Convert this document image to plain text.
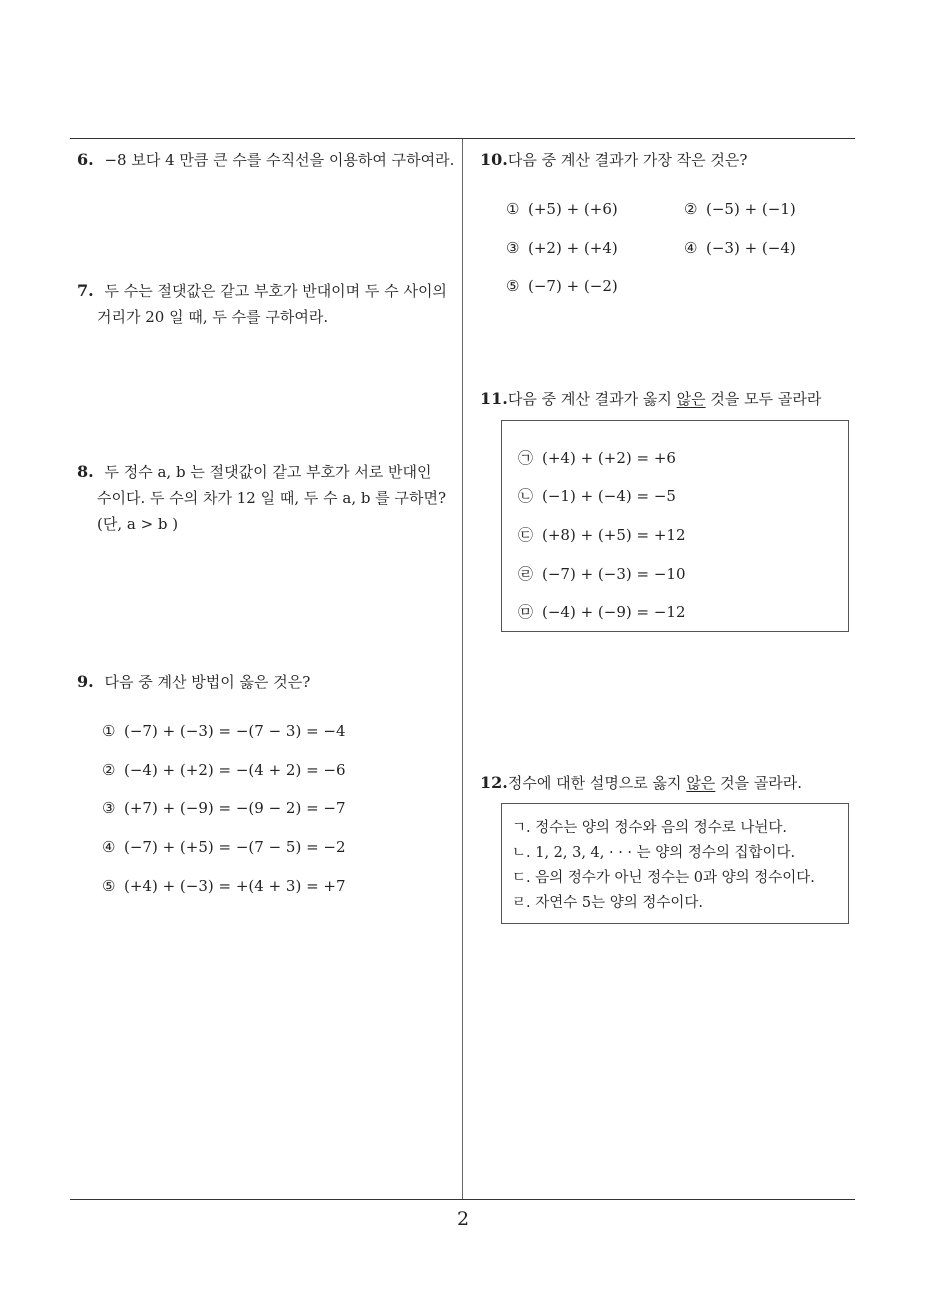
6. −8 보다 4 만큼 큰 수를 수직선을 이용하여 구하여라.
7. 두 수는 절댓값은 같고 부호가 반대이며 두 수 사이의
거리가 20 일 때, 두 수를 구하여라.
8. 두 정수 a, b 는 절댓값이 같고 부호가 서로 반대인
수이다. 두 수의 차가 12 일 때, 두 수 a, b 를 구하면?
(단, a > b )
9. 다음 중 계산 방법이 옳은 것은?
① (−7) + (−3) = −(7 − 3) = −4
② (−4) + (+2) = −(4 + 2) = −6
③ (+7) + (−9) = −(9 − 2) = −7
④ (−7) + (+5) = −(7 − 5) = −2
⑤ (+4) + (−3) = +(4 + 3) = +7
10.다음 중 계산 결과가 가장 작은 것은?
① (+5) + (+6)	② (−5) + (−1)
③ (+2) + (+4)	④ (−3) + (−4)
⑤ (−7) + (−2)
11.다음 중 계산 결과가 옳지 않은 것을 모두 골라라
㉠ (+4) + (+2) = +6
㉡ (−1) + (−4) = −5
㉢ (+8) + (+5) = +12
㉣ (−7) + (−3) = −10
㉤ (−4) + (−9) = −12
12.정수에 대한 설명으로 옳지 않은 것을 골라라.
ㄱ. 정수는 양의 정수와 음의 정수로 나뉜다.
ㄴ. 1, 2, 3, 4, · · · 는 양의 정수의 집합이다.
ㄷ. 음의 정수가 아닌 정수는 0과 양의 정수이다.
ㄹ. 자연수 5는 양의 정수이다.
2
